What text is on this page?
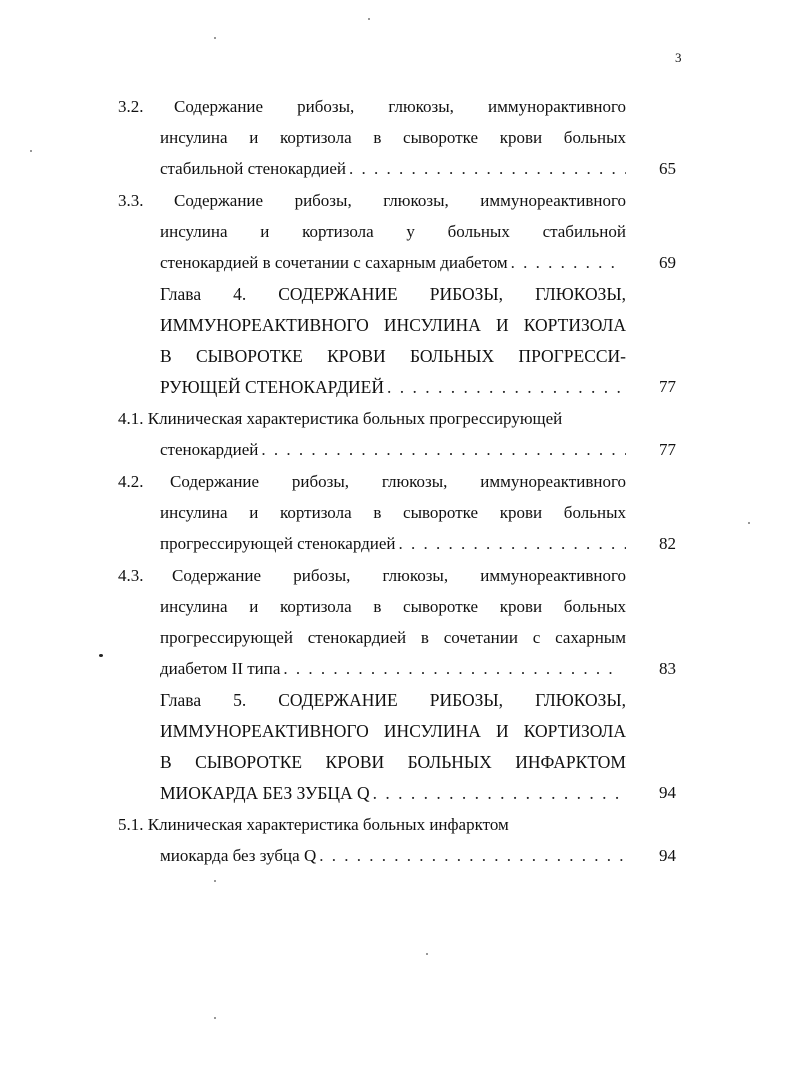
3
3.2. Содержание рибозы, глюкозы, иммунорактивного
инсулина и кортизола в сыворотке крови больных
стабильной стенокардией . . .	65
3.3. Содержание рибозы, глюкозы, иммунореактивного
инсулина и кортизола у больных стабильной
стенокардией в сочетании с сахарным диабетом . . .	69
Глава 4. СОДЕРЖАНИЕ РИБОЗЫ, ГЛЮКОЗЫ,
ИММУНОРЕАКТИВНОГО ИНСУЛИНА И КОРТИЗОЛА
В СЫВОРОТКЕ КРОВИ БОЛЬНЫХ ПРОГРЕССИ-
РУЮЩЕЙ СТЕНОКАРДИЕЙ . . .	77
4.1. Клиническая характеристика больных прогрессирующей
стенокардией . . .	77
4.2. Содержание рибозы, глюкозы, иммунореактивного
инсулина и кортизола в сыворотке крови больных
прогрессирующей стенокардией . . .	82
4.3. Содержание рибозы, глюкозы, иммунореактивного
инсулина и кортизола в сыворотке крови больных
прогрессирующей стенокардией в сочетании с сахарным
диабетом II типа . . .	83
Глава 5. СОДЕРЖАНИЕ РИБОЗЫ, ГЛЮКОЗЫ,
ИММУНОРЕАКТИВНОГО ИНСУЛИНА И КОРТИЗОЛА
В СЫВОРОТКЕ КРОВИ БОЛЬНЫХ ИНФАРКТОМ
МИОКАРДА БЕЗ ЗУБЦА Q . . .	94
5.1. Клиническая характеристика больных инфарктом
миокарда без зубца Q . . .	94
